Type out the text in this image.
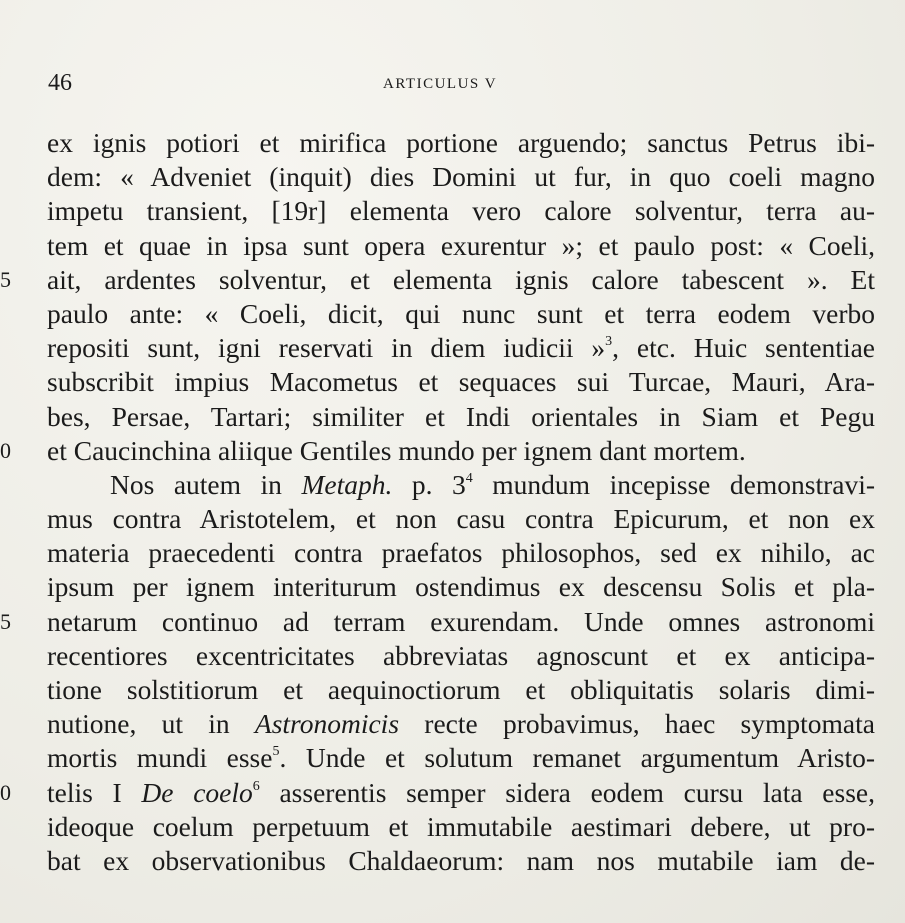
46	ARTICULUS V
ex ignis potiori et mirifica portione arguendo; sanctus Petrus ibi-
dem: « Adveniet (inquit) dies Domini ut fur, in quo coeli magno
impetu transient, [19r] elementa vero calore solventur, terra au-
tem et quae in ipsa sunt opera exurentur »; et paulo post: « Coeli,
5 ait, ardentes solventur, et elementa ignis calore tabescent ». Et
paulo ante: « Coeli, dicit, qui nunc sunt et terra eodem verbo
repositi sunt, igni reservati in diem iudicii »$^3$, etc. Huic sententiae
subscribit impius Macometus et sequaces sui Turcae, Mauri, Ara-
bes, Persae, Tartari; similiter et Indi orientales in Siam et Pegu
0 et Caucinchina aliique Gentiles mundo per ignem dant mortem.
Nos autem in Metaph. p. $3^4$ mundum incepisse demonstravi-
mus contra Aristotelem, et non casu contra Epicurum, et non ex
materia praecedenti contra praefatos philosophos, sed ex nihilo, ac
ipsum per ignem interiturum ostendimus ex descensu Solis et pla-
5 netarum continuo ad terram exurendam. Unde omnes astronomi
recentiores excentricitates abbreviatas agnoscunt et ex anticipa-
tione solstitiorum et aequinoctiorum et obliquitatis solaris dimi-
nutione, ut in Astronomicis recte probavimus, haec symptomata
mortis mundi esse$^5$. Unde et solutum remanet argumentum Aristo-
0 telis I De coelo$^6$ asserentis semper sidera eodem cursu lata esse,
ideoque coelum perpetuum et immutabile aestimari debere, ut pro-
bat ex observationibus Chaldaeorum: nam nos mutabile iam de-
